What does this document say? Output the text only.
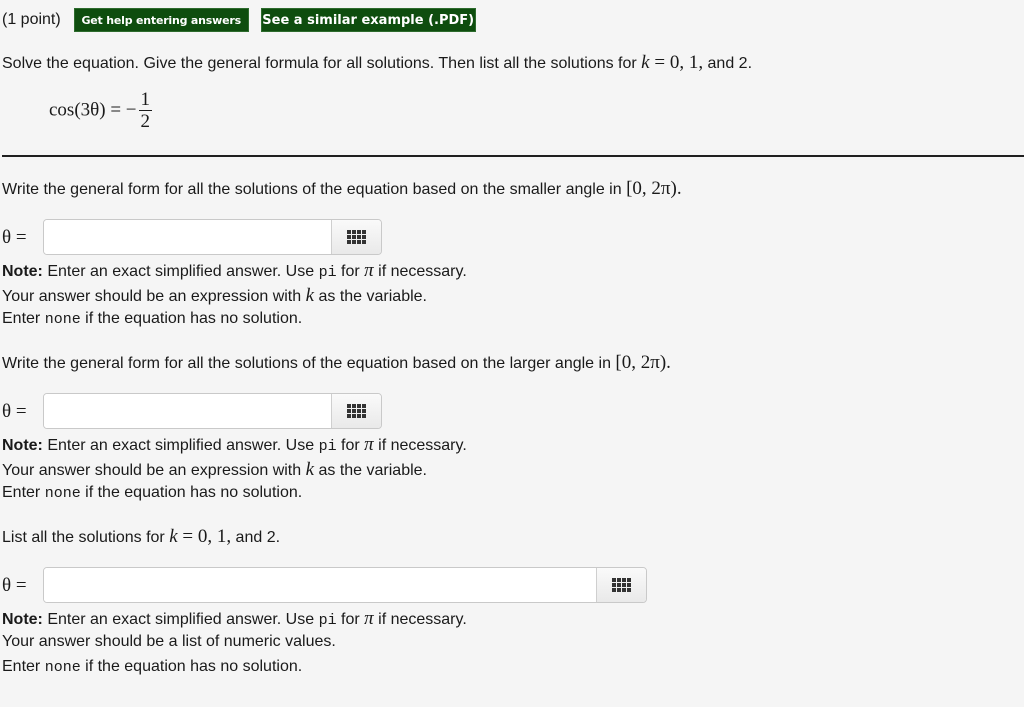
(1 point)	Get help entering answers	See a similar example (.PDF)
Solve the equation. Give the general formula for all solutions. Then list all the solutions for k = 0, 1, and 2.
cos(3θ) = − $\frac{1}{2}$
Write the general form for all the solutions of the equation based on the smaller angle in [0, 2π).
θ =
Note: Enter an exact simplified answer. Use pi for π if necessary.
Your answer should be an expression with k as the variable.
Enter none if the equation has no solution.
Write the general form for all the solutions of the equation based on the larger angle in [0, 2π).
θ =
Note: Enter an exact simplified answer. Use pi for π if necessary.
Your answer should be an expression with k as the variable.
Enter none if the equation has no solution.
List all the solutions for k = 0, 1, and 2.
θ =
Note: Enter an exact simplified answer. Use pi for π if necessary.
Your answer should be a list of numeric values.
Enter none if the equation has no solution.
